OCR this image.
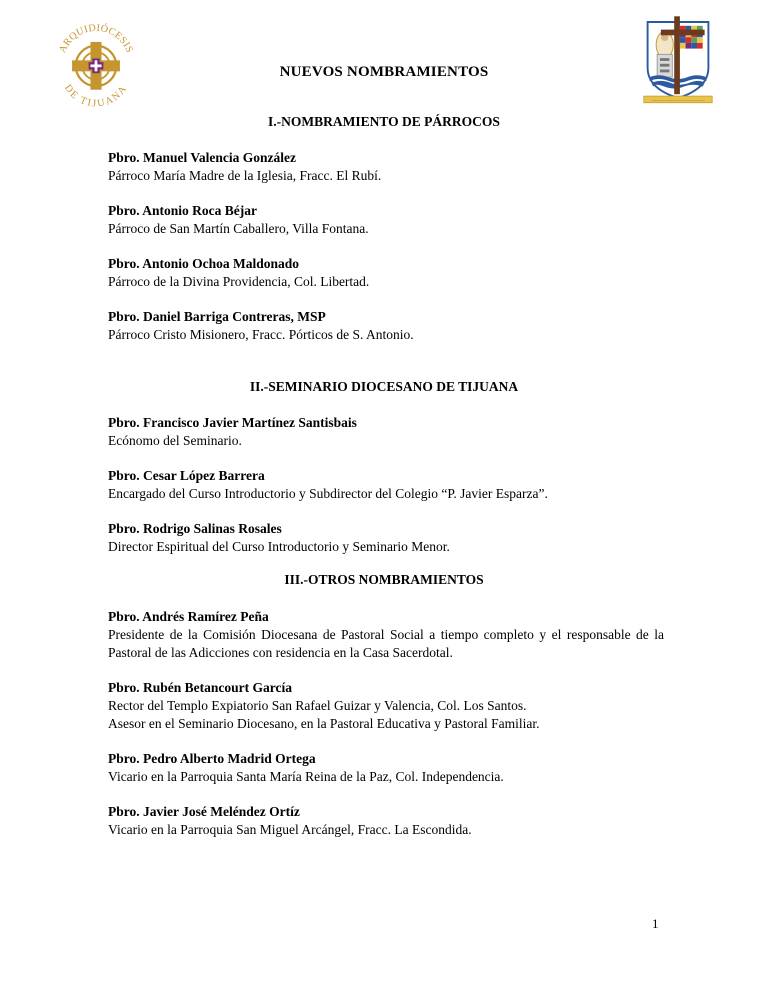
ARQUIDIÓCESIS
DE TIJUANA
~~~~~~~~~~~~~~~~~~~~
NUEVOS NOMBRAMIENTOS
I.-NOMBRAMIENTO DE PÁRROCOS
Pbro. Manuel Valencia González
Párroco María Madre de la Iglesia, Fracc. El Rubí.
Pbro. Antonio Roca Béjar
Párroco de San Martín Caballero, Villa Fontana.
Pbro. Antonio Ochoa Maldonado
Párroco de la Divina Providencia, Col. Libertad.
Pbro. Daniel Barriga Contreras, MSP
Párroco Cristo Misionero, Fracc. Pórticos de S. Antonio.
II.-SEMINARIO DIOCESANO DE TIJUANA
Pbro. Francisco Javier Martínez Santisbais
Ecónomo del Seminario.
Pbro. Cesar López Barrera
Encargado del Curso Introductorio y Subdirector del Colegio “P. Javier Esparza”.
Pbro. Rodrigo Salinas Rosales
Director Espiritual del Curso Introductorio y Seminario Menor.
III.-OTROS NOMBRAMIENTOS
Pbro. Andrés Ramírez Peña
Presidente de la Comisión Diocesana de Pastoral Social a tiempo completo y el responsable de la Pastoral de las Adicciones con residencia en la Casa Sacerdotal.
Pbro. Rubén Betancourt García
Rector del Templo Expiatorio San Rafael Guizar y Valencia, Col. Los Santos.
Asesor en el Seminario Diocesano, en la Pastoral Educativa y Pastoral Familiar.
Pbro. Pedro Alberto Madrid Ortega
Vicario en la Parroquia Santa María Reina de la Paz, Col. Independencia.
Pbro. Javier José Meléndez Ortíz
Vicario en la Parroquia San Miguel Arcángel, Fracc. La Escondida.
1
